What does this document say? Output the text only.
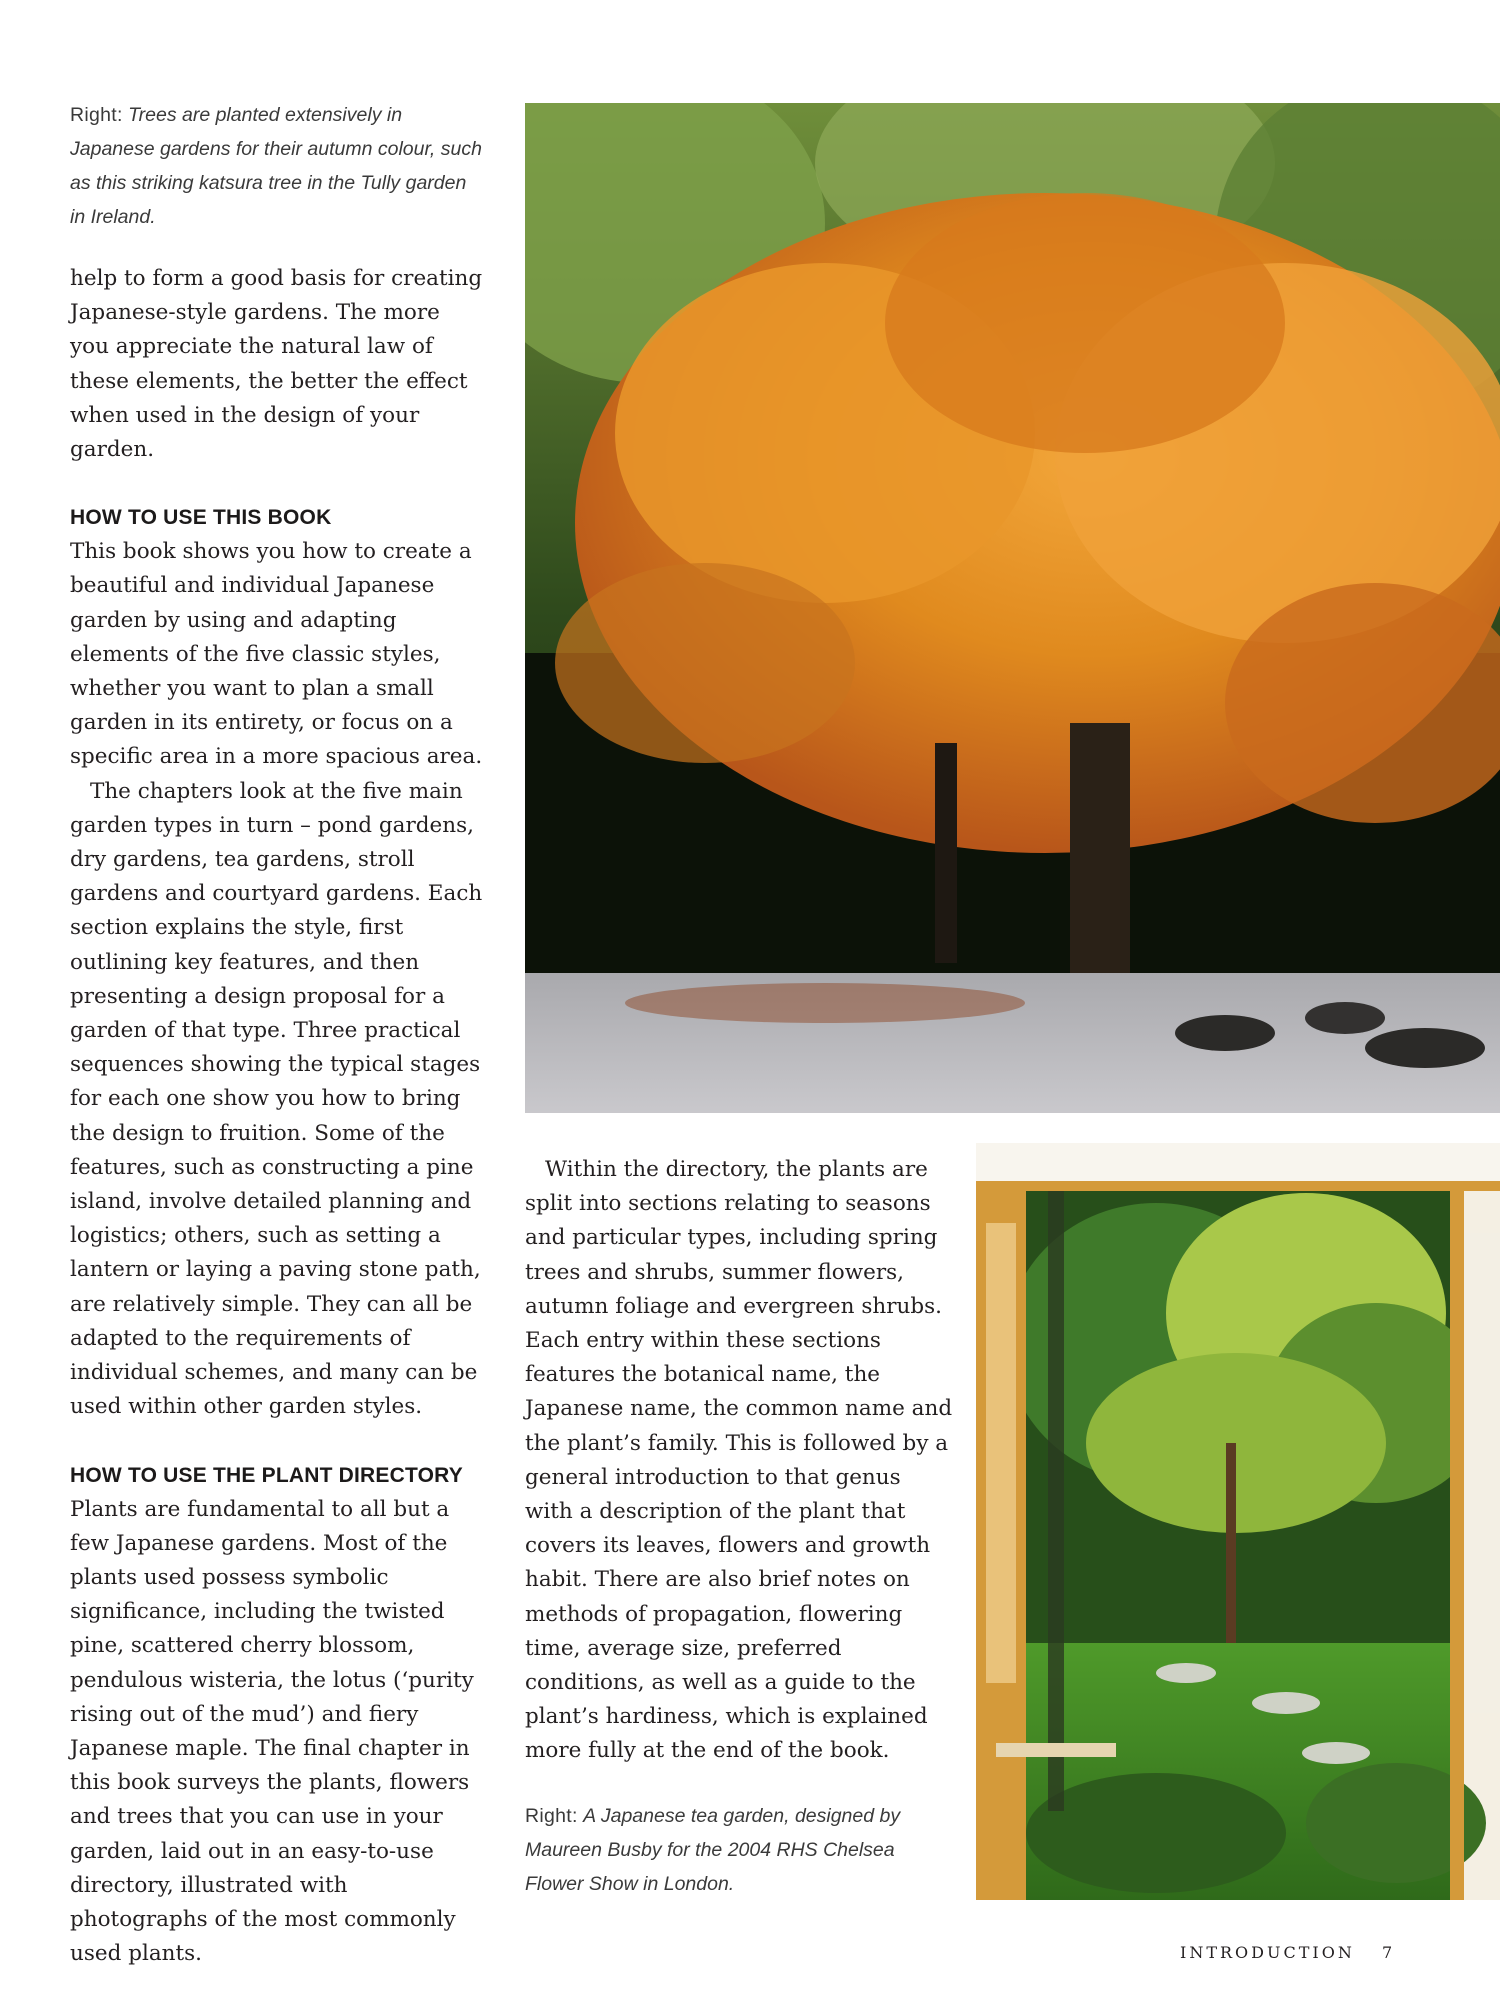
Right: Trees are planted extensively in Japanese gardens for their autumn colour, such as this striking katsura tree in the Tully garden in Ireland.

help to form a good basis for creating Japanese-style gardens. The more you appreciate the natural law of these elements, the better the effect when used in the design of your garden.

HOW TO USE THIS BOOK

This book shows you how to create a beautiful and individual Japanese garden by using and adapting elements of the five classic styles, whether you want to plan a small garden in its entirety, or focus on a specific area in a more spacious area.

The chapters look at the five main garden types in turn – pond gardens, dry gardens, tea gardens, stroll gardens and courtyard gardens. Each section explains the style, first outlining key features, and then presenting a design proposal for a garden of that type. Three practical sequences showing the typical stages for each one show you how to bring the design to fruition. Some of the features, such as constructing a pine island, involve detailed planning and logistics; others, such as setting a lantern or laying a paving stone path, are relatively simple. They can all be adapted to the requirements of individual schemes, and many can be used within other garden styles.

HOW TO USE THE PLANT DIRECTORY

Plants are fundamental to all but a few Japanese gardens. Most of the plants used possess symbolic significance, including the twisted pine, scattered cherry blossom, pendulous wisteria, the lotus (‘purity rising out of the mud’) and fiery Japanese maple. The final chapter in this book surveys the plants, flowers and trees that you can use in your garden, laid out in an easy-to-use directory, illustrated with photographs of the most commonly used plants.

Within the directory, the plants are split into sections relating to seasons and particular types, including spring trees and shrubs, summer flowers, autumn foliage and evergreen shrubs. Each entry within these sections features the botanical name, the Japanese name, the common name and the plant’s family. This is followed by a general introduction to that genus with a description of the plant that covers its leaves, flowers and growth habit. There are also brief notes on methods of propagation, flowering time, average size, preferred conditions, as well as a guide to the plant’s hardiness, which is explained more fully at the end of the book.

Right: A Japanese tea garden, designed by Maureen Busby for the 2004 RHS Chelsea Flower Show in London.

INTRODUCTION 7
